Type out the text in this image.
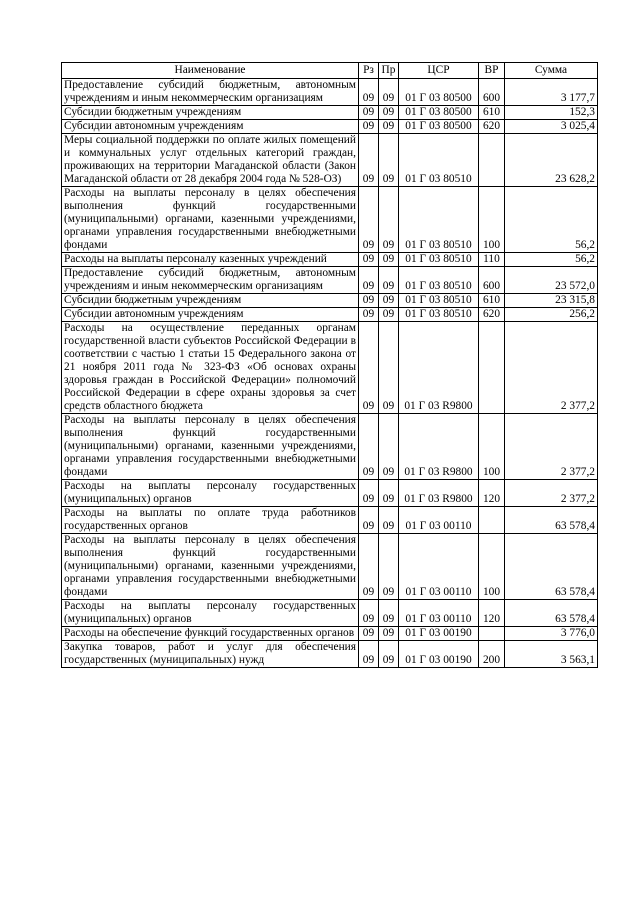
Наименование	Рз	Пр	ЦСР	ВР	Сумма
Предоставление субсидий бюджетным, автономным учреждениям и иным некоммерческим организациям	09	09	01 Г 03 80500	600	3 177,7
Субсидии бюджетным учреждениям	09	09	01 Г 03 80500	610	152,3
Субсидии автономным учреждениям	09	09	01 Г 03 80500	620	3 025,4
Меры социальной поддержки по оплате жилых помещений и коммунальных услуг отдельных категорий граждан, проживающих на территории Магаданской области (Закон Магаданской области от 28 декабря 2004 года № 528-ОЗ)	09	09	01 Г 03 80510		23 628,2
Расходы на выплаты персоналу в целях обеспечения выполнения функций государственными (муниципальными) органами, казенными учреждениями, органами управления государственными внебюджетными фондами	09	09	01 Г 03 80510	100	56,2
Расходы на выплаты персоналу казенных учреждений	09	09	01 Г 03 80510	110	56,2
Предоставление субсидий бюджетным, автономным учреждениям и иным некоммерческим организациям	09	09	01 Г 03 80510	600	23 572,0
Субсидии бюджетным учреждениям	09	09	01 Г 03 80510	610	23 315,8
Субсидии автономным учреждениям	09	09	01 Г 03 80510	620	256,2
Расходы на осуществление переданных органам государственной власти субъектов Российской Федерации в соответствии с частью 1 статьи 15 Федерального закона от 21 ноября 2011 года № 323-ФЗ «Об основах охраны здоровья граждан в Российской Федерации» полномочий Российской Федерации в сфере охраны здоровья за счет средств областного бюджета	09	09	01 Г 03 R9800		2 377,2
Расходы на выплаты персоналу в целях обеспечения выполнения функций государственными (муниципальными) органами, казенными учреждениями, органами управления государственными внебюджетными фондами	09	09	01 Г 03 R9800	100	2 377,2
Расходы на выплаты персоналу государственных (муниципальных) органов	09	09	01 Г 03 R9800	120	2 377,2
Расходы на выплаты по оплате труда работников государственных органов	09	09	01 Г 03 00110		63 578,4
Расходы на выплаты персоналу в целях обеспечения выполнения функций государственными (муниципальными) органами, казенными учреждениями, органами управления государственными внебюджетными фондами	09	09	01 Г 03 00110	100	63 578,4
Расходы на выплаты персоналу государственных (муниципальных) органов	09	09	01 Г 03 00110	120	63 578,4
Расходы на обеспечение функций государственных органов	09	09	01 Г 03 00190		3 776,0
Закупка товаров, работ и услуг для обеспечения государственных (муниципальных) нужд	09	09	01 Г 03 00190	200	3 563,1
